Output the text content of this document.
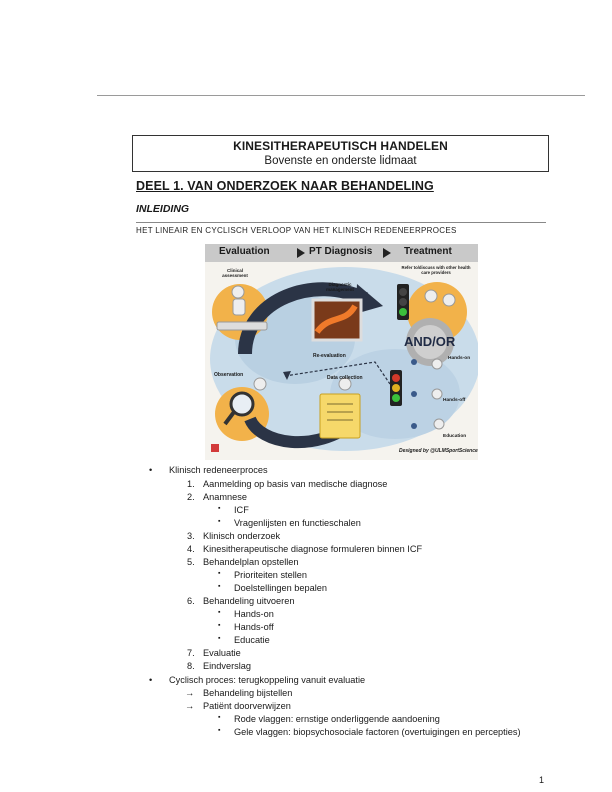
KINESITHERAPEUTISCH HANDELEN
Bovenste en onderste lidmaat
DEEL 1. VAN ONDERZOEK NAAR BEHANDELING
INLEIDING
HET LINEAIR EN CYCLISCH VERLOOP VAN HET KLINISCH REDENEERPROCES
Evaluation	PT Diagnosis	Treatment
Clinical assessment
Diagnostic management
Refer to/discuss with other health care providers
AND/OR
Re-evaluation
Observation	Data collection
Hands-on
Hands-off
Education
Designed by @ULMSportScience
• Klinisch redeneerproces
1. Aanmelding op basis van medische diagnose
2. Anamnese
▪ ICF
▪ Vragenlijsten en functieschalen
3. Klinisch onderzoek
4. Kinesitherapeutische diagnose formuleren binnen ICF
5. Behandelplan opstellen
▪ Prioriteiten stellen
▪ Doelstellingen bepalen
6. Behandeling uitvoeren
▪ Hands-on
▪ Hands-off
▪ Educatie
7. Evaluatie
8. Eindverslag
• Cyclisch proces: terugkoppeling vanuit evaluatie
→ Behandeling bijstellen
→ Patiënt doorverwijzen
▪ Rode vlaggen: ernstige onderliggende aandoening
▪ Gele vlaggen: biopsychosociale factoren (overtuigingen en percepties)
1
